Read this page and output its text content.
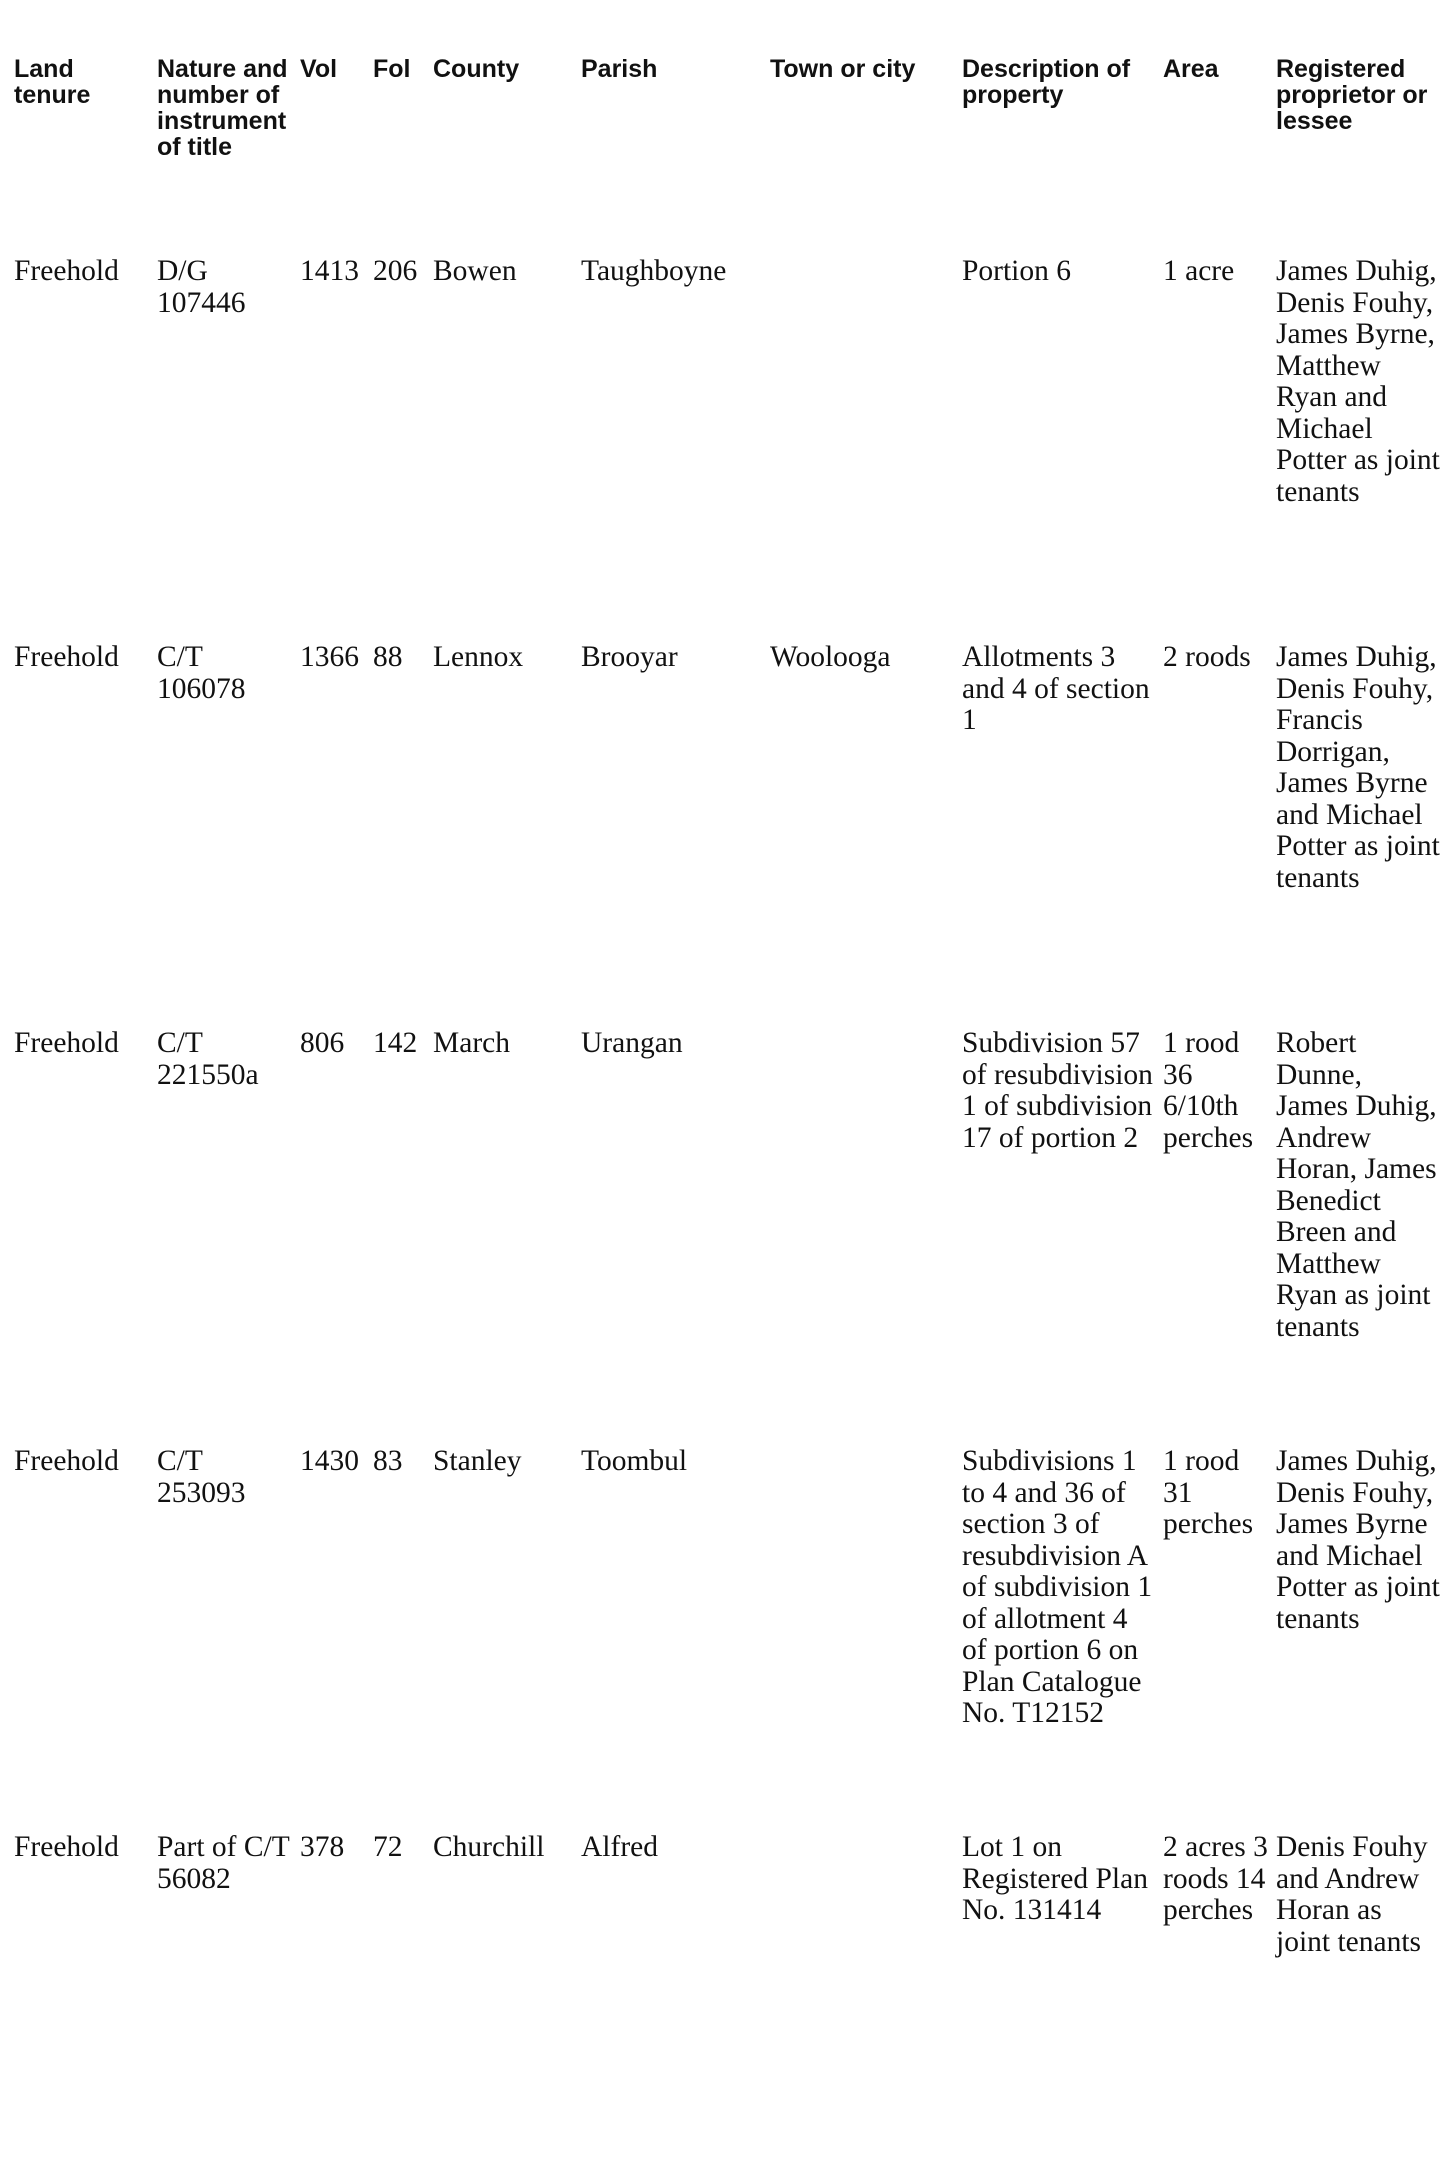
Land tenure	Nature and number of instrument of title	Vol	Fol	County	Parish	Town or city	Description of property	Area	Registered proprietor or lessee
Freehold	D/G 107446	1413	206	Bowen	Taughboyne		Portion 6	1 acre	James Duhig, Denis Fouhy, James Byrne, Matthew Ryan and Michael Potter as joint tenants
Freehold	C/T 106078	1366	88	Lennox	Brooyar	Woolooga	Allotments 3 and 4 of section 1	2 roods	James Duhig, Denis Fouhy, Francis Dorrigan, James Byrne and Michael Potter as joint tenants
Freehold	C/T 221550a	806	142	March	Urangan		Subdivision 57 of resubdivision 1 of subdivision 17 of portion 2	1 rood 36 6/10th perches	Robert Dunne, James Duhig, Andrew Horan, James Benedict Breen and Matthew Ryan as joint tenants
Freehold	C/T 253093	1430	83	Stanley	Toombul		Subdivisions 1 to 4 and 36 of section 3 of resubdivision A of subdivision 1 of allotment 4 of portion 6 on Plan Catalogue No. T12152	1 rood 31 perches	James Duhig, Denis Fouhy, James Byrne and Michael Potter as joint tenants
Freehold	Part of C/T 56082	378	72	Churchill	Alfred		Lot 1 on Registered Plan No. 131414	2 acres 3 roods 14 perches	Denis Fouhy and Andrew Horan as joint tenants
